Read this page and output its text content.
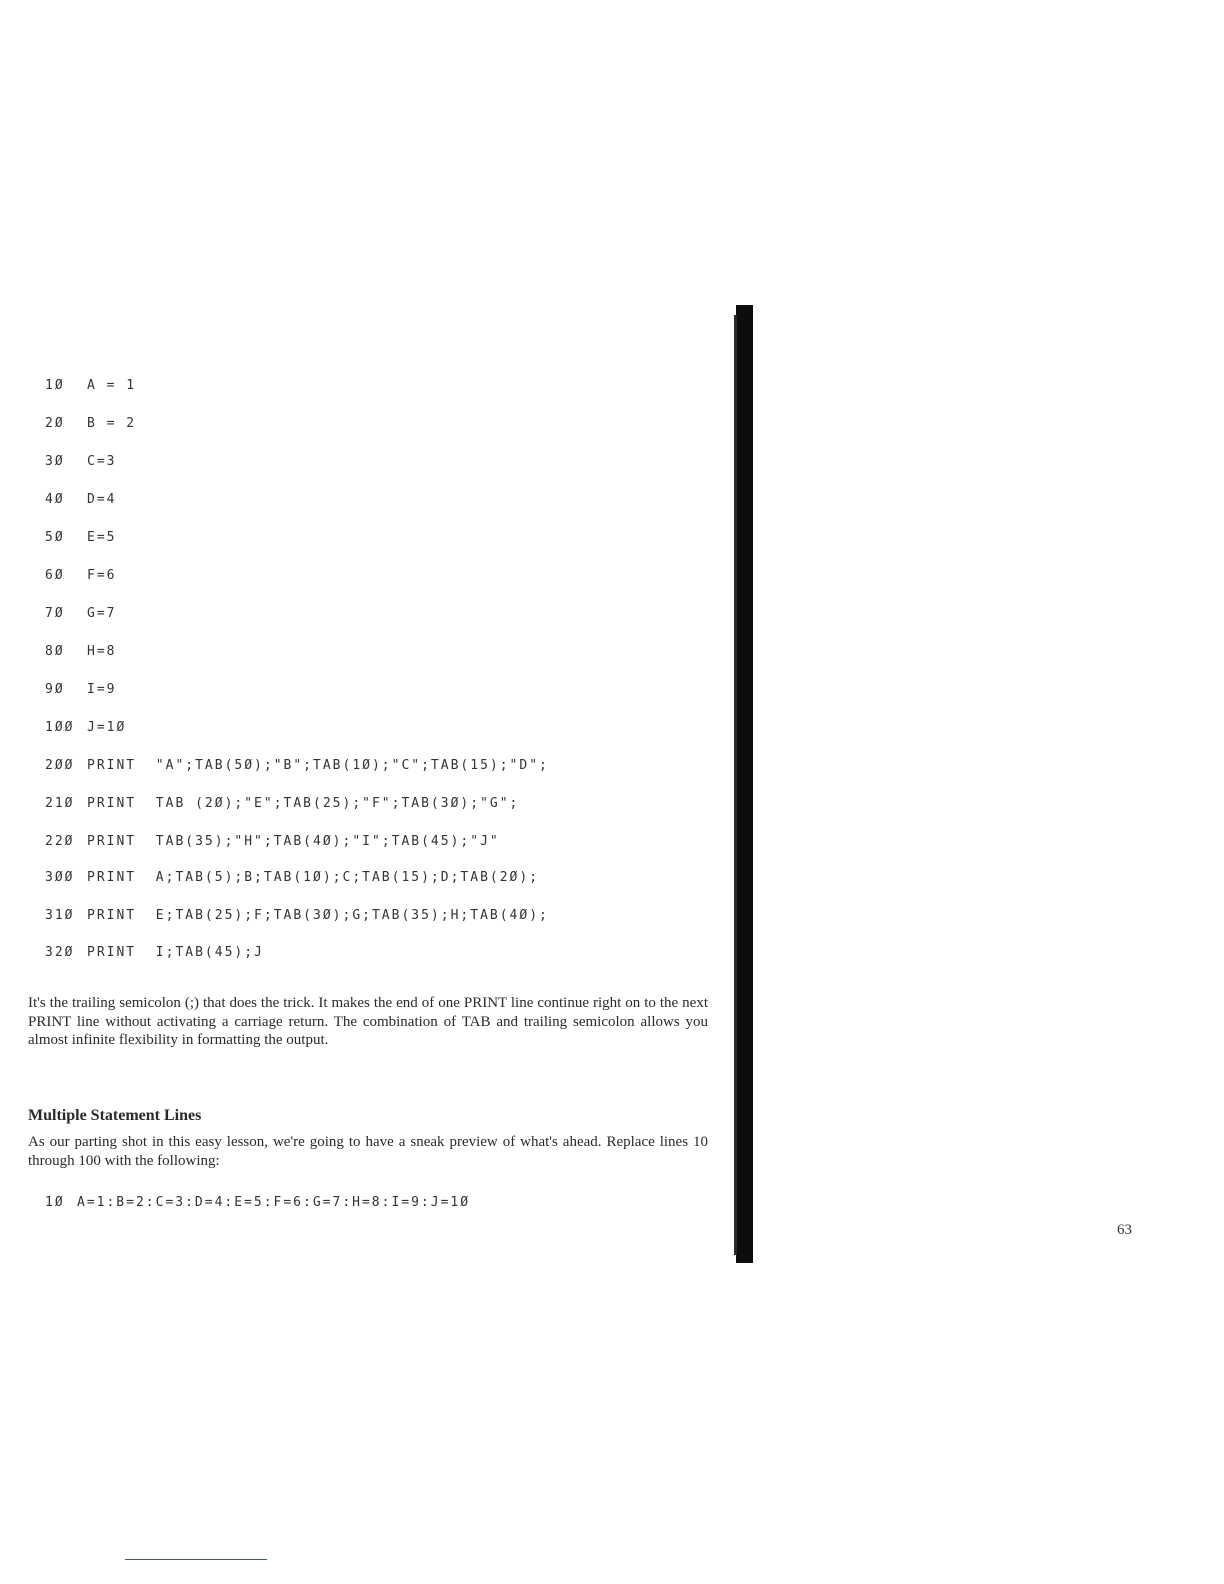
1Ø A = 1
2Ø B = 2
3Ø C=3
4Ø D=4
5Ø E=5
6Ø F=6
7Ø G=7
8Ø H=8
9Ø I=9
1ØØ J=1Ø
2ØØ PRINT  "A";TAB(5Ø);"B";TAB(1Ø);"C";TAB(15);"D";
21Ø PRINT  TAB (2Ø);"E";TAB(25);"F";TAB(3Ø);"G";
22Ø PRINT  TAB(35);"H";TAB(4Ø);"I";TAB(45);"J"
3ØØ PRINT  A;TAB(5);B;TAB(1Ø);C;TAB(15);D;TAB(2Ø);
31Ø PRINT  E;TAB(25);F;TAB(3Ø);G;TAB(35);H;TAB(4Ø);
32Ø PRINT  I;TAB(45);J

It's the trailing semicolon (;) that does the trick. It makes the end of one PRINT line continue right on to the next PRINT line without activating a carriage return. The combination of TAB and trailing semicolon allows you almost infinite flexibility in formatting the output.

Multiple Statement Lines

As our parting shot in this easy lesson, we're going to have a sneak preview of what's ahead. Replace lines 10 through 100 with the following:

1Ø A=1:B=2:C=3:D=4:E=5:F=6:G=7:H=8:I=9:J=1Ø
63
